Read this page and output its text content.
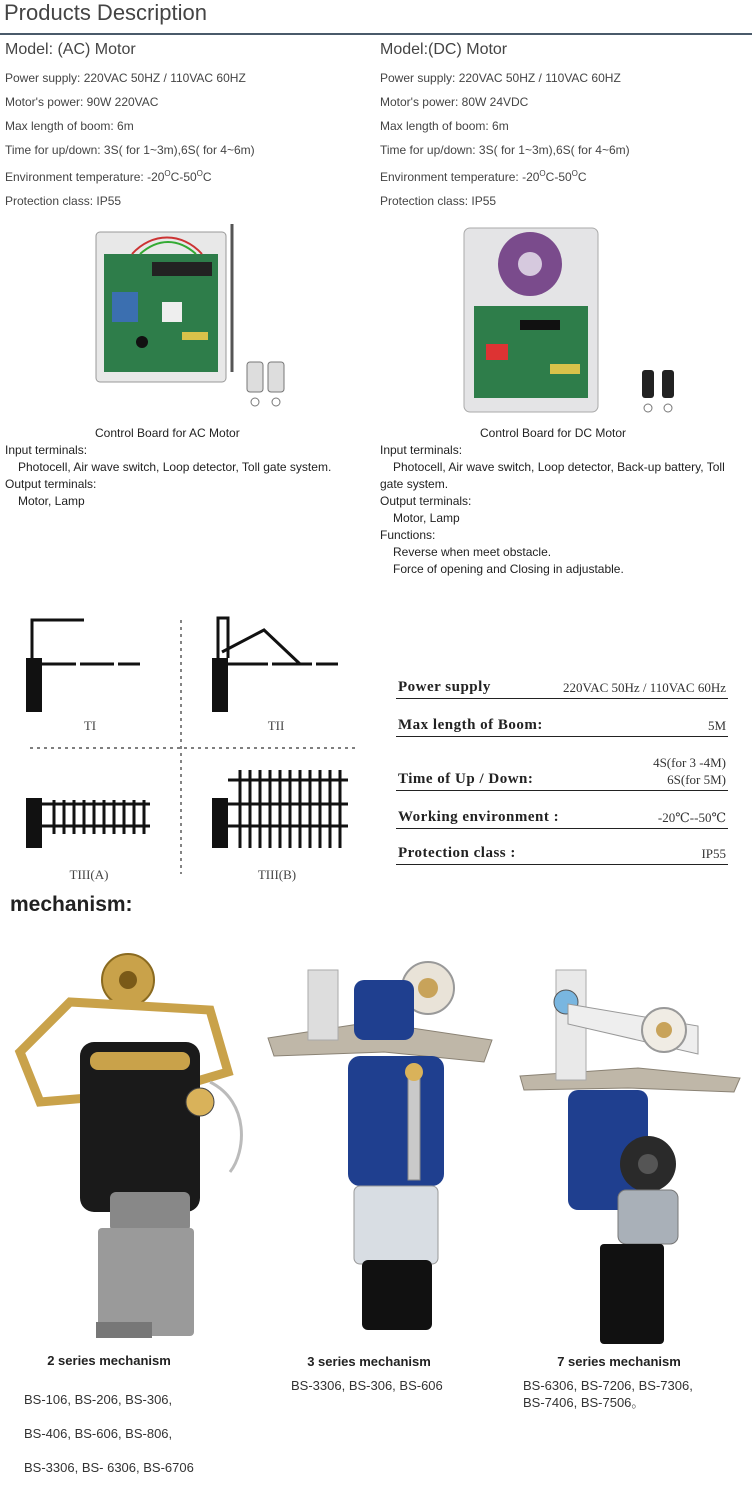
Products Description
Model: (AC) Motor
Power supply: 220VAC 50HZ / 110VAC 60HZ
Motor's power: 90W 220VAC
Max length of boom: 6m
Time for up/down: 3S( for 1~3m),6S( for 4~6m)
Environment temperature: $-20^OC-50^OC$
Protection class: IP55
Model:(DC) Motor
Power supply: 220VAC 50HZ / 110VAC 60HZ
Motor's power: 80W 24VDC
Max length of boom: 6m
Time for up/down: 3S( for 1~3m),6S( for 4~6m)
Environment temperature: $-20^OC-50^OC$
Protection class: IP55
Control Board for AC Motor	Control Board for DC Motor
Input terminals:
Photocell, Air wave switch, Loop detector, Toll gate system.
Output terminals:
Motor, Lamp
Input terminals:
Photocell, Air wave switch, Loop detector, Back-up battery, Toll
gate system.
Output terminals:
Motor, Lamp
Functions:
Reverse when meet obstacle.
Force of opening and Closing in adjustable.
TI	TII
TIII(A)	TIII(B)
Power supply	220VAC 50Hz / 110VAC 60Hz
Max length of Boom:	5M
Time of Up / Down:
4S(for 3 -4M)
6S(for 5M)
Working environment :	-20℃--50℃
Protection class :	IP55
mechanism:
2 series mechanism	3 series mechanism	7 series mechanism
BS-106, BS-206, BS-306,
BS-406, BS-606, BS-806,
BS-3306, BS- 6306, BS-6706
BS-3306, BS-306, BS-606	BS-6306, BS-7206, BS-7306,
BS-7406, BS-7506。
